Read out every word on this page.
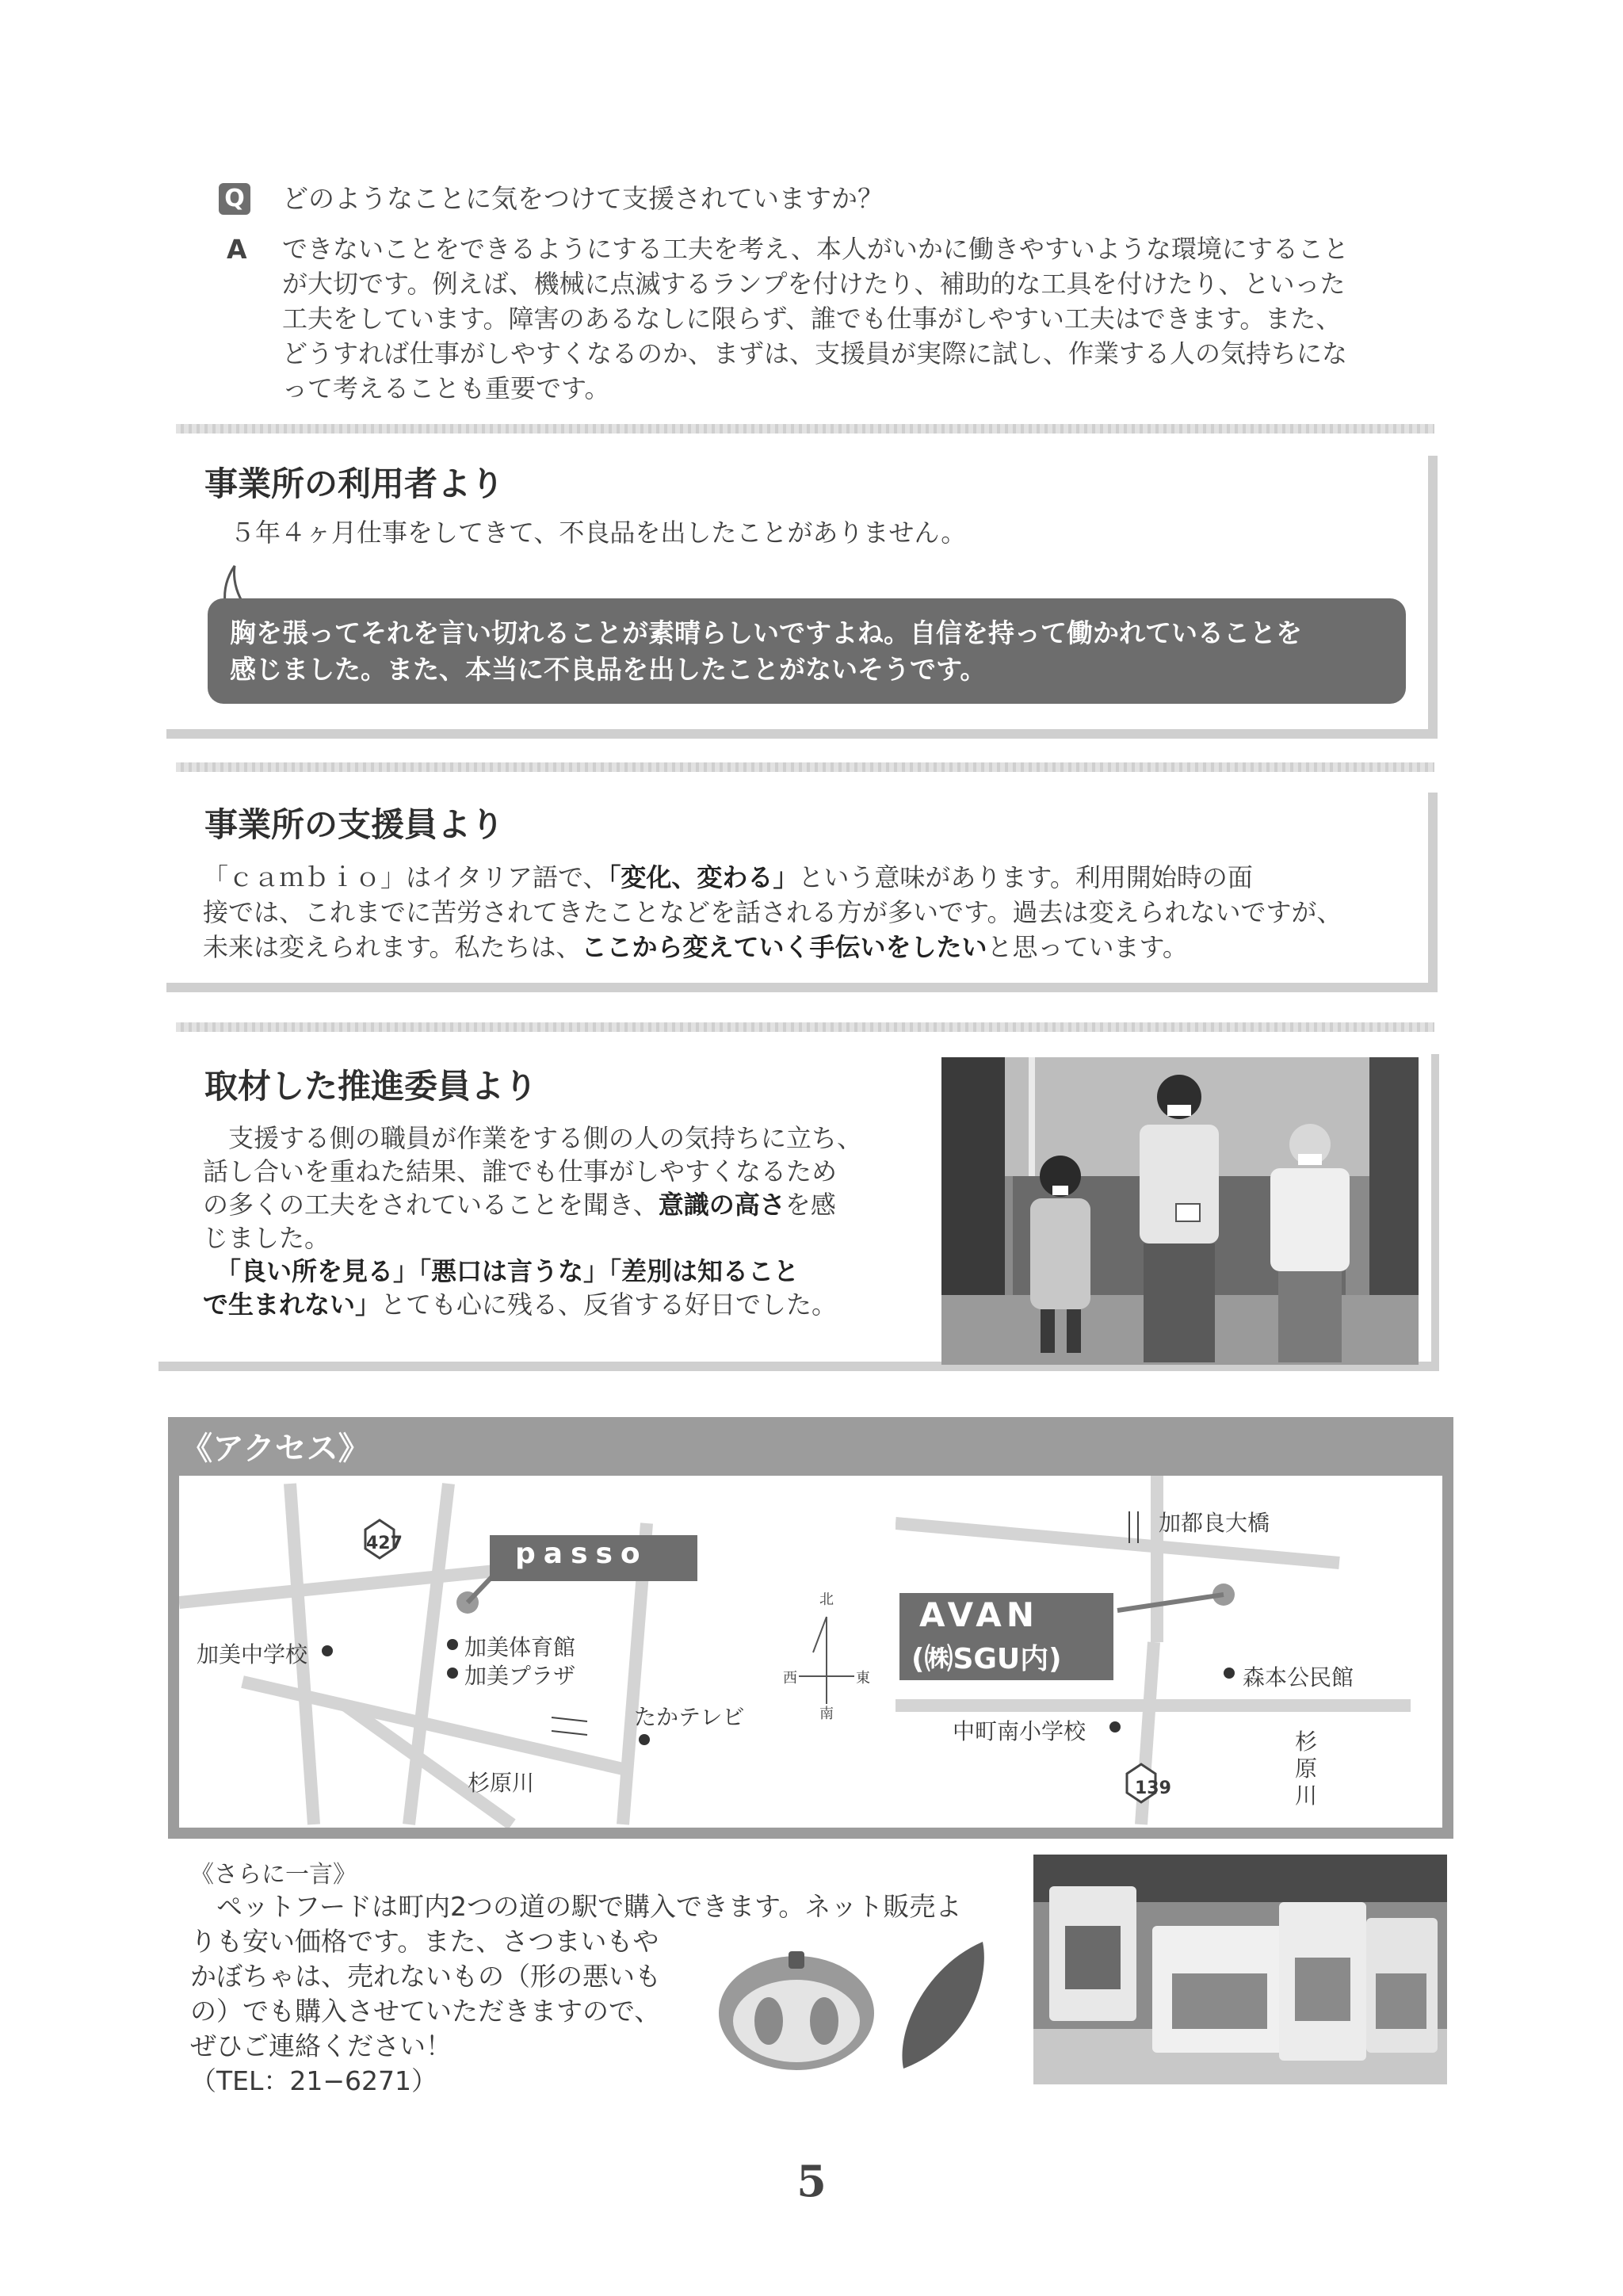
Q どのようなことに気をつけて支援されていますか？
A できないことをできるようにする工夫を考え、本人がいかに働きやすいような環境にすること
が大切です。例えば、機械に点滅するランプを付けたり、補助的な工具を付けたり、といった
工夫をしています。障害のあるなしに限らず、誰でも仕事がしやすい工夫はできます。また、
どうすれば仕事がしやすくなるのか、まずは、支援員が実際に試し、作業する人の気持ちにな
って考えることも重要です。
事業所の利用者より
５年４ヶ月仕事をしてきて、不良品を出したことがありません。
胸を張ってそれを言い切れることが素晴らしいですよね。自信を持って働かれていることを
感じました。また、本当に不良品を出したことがないそうです。
事業所の支援員より
「ｃａｍｂｉｏ」はイタリア語で、「変化、変わる」という意味があります。利用開始時の面
接では、これまでに苦労されてきたことなどを話される方が多いです。過去は変えられないですが、
未来は変えられます。私たちは、ここから変えていく手伝いをしたいと思っています。
取材した推進委員より
　支援する側の職員が作業をする側の人の気持ちに立ち、
話し合いを重ねた結果、誰でも仕事がしやすくなるため
の多くの工夫をされていることを聞き、意識の高さを感
じました。
　「良い所を見る」「悪口は言うな」「差別は知ること
で生まれない」とても心に残る、反省する好日でした。
《アクセス》
427	passo
加美中学校	加美体育館
加美プラザ
たかテレビ
杉原川
北
西	東
南
加都良大橋
AVAN
(㈱SGU内)
森本公民館
中町南小学校
139
杉
原
川
《さらに一言》
　ペットフードは町内2つの道の駅で購入できます。ネット販売よ
りも安い価格です。また、さつまいもや
かぼちゃは、売れないもの（形の悪いも
の）でも購入させていただきますので、
ぜひご連絡ください！
（TEL：21−6271）
5
